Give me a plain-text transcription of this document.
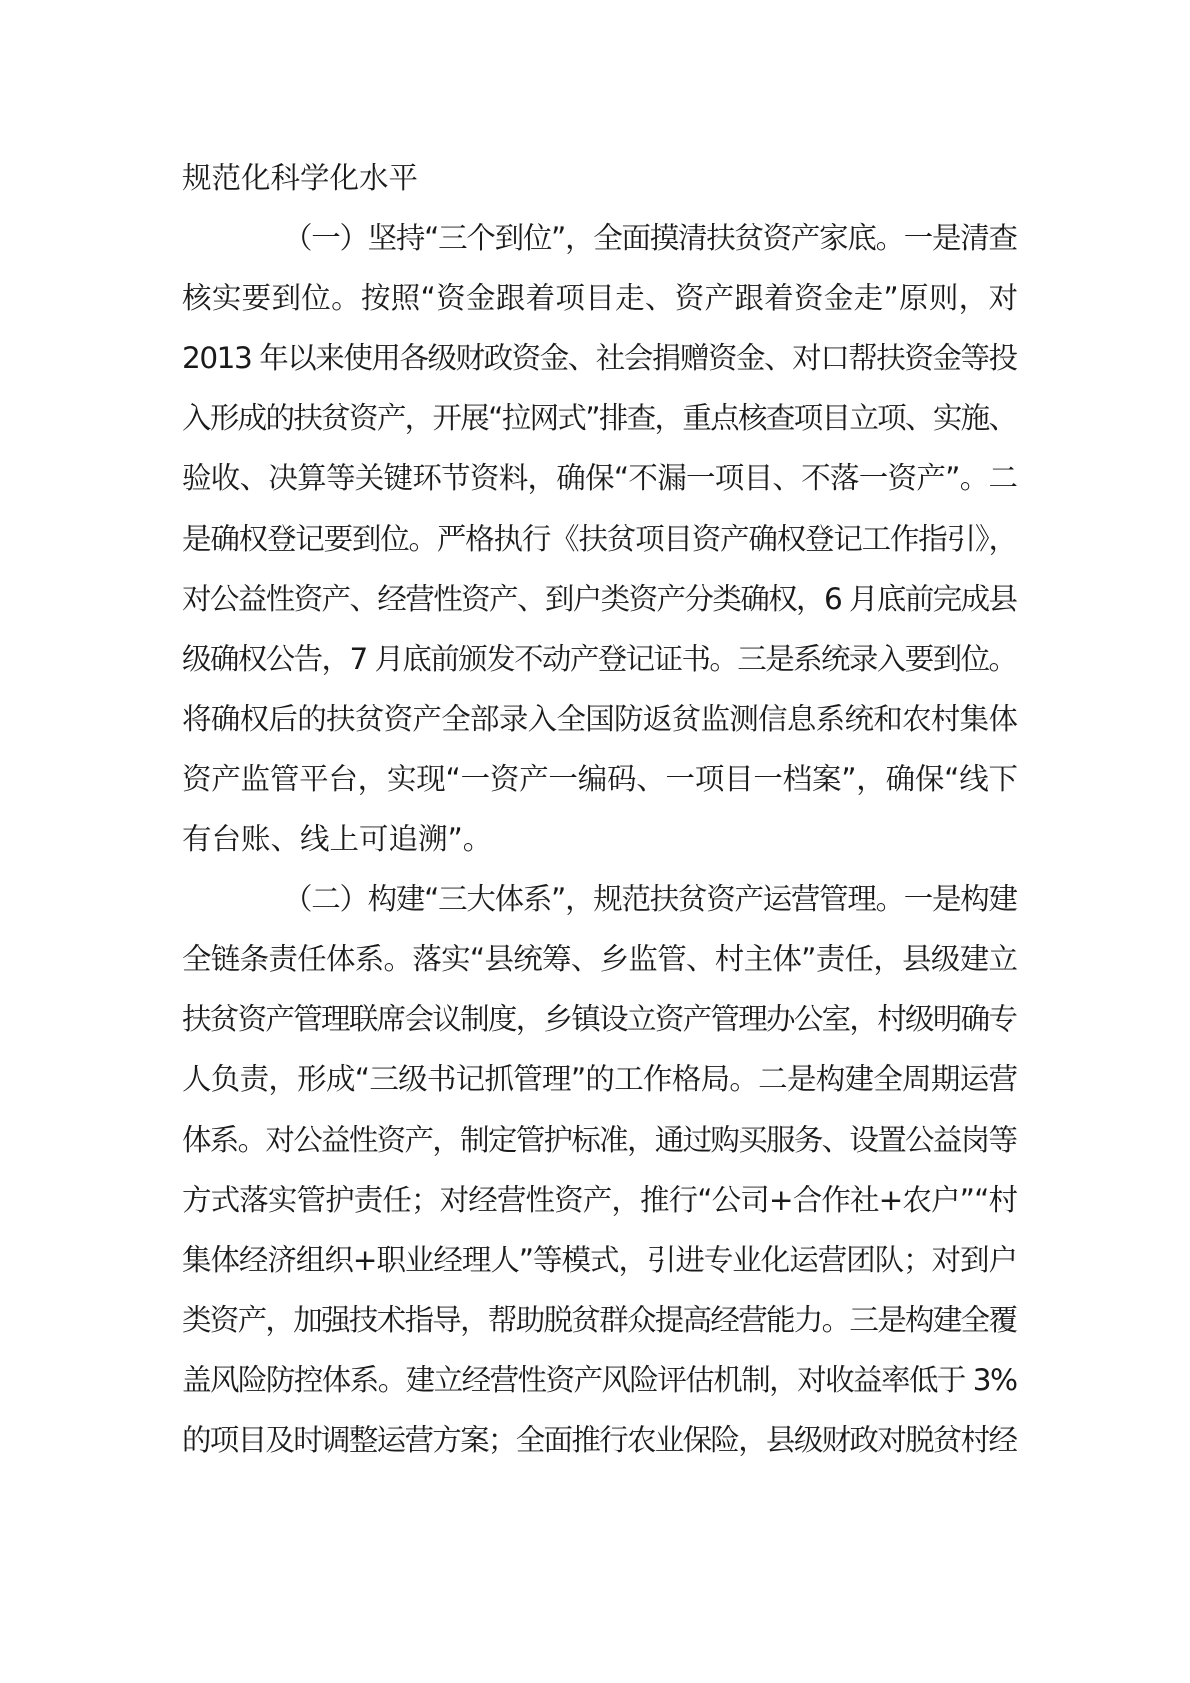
规范化科学化水平
（一）坚持“三个到位”，全面摸清扶贫资产家底。一是清查
核实要到位。按照“资金跟着项目走、资产跟着资金走”原则，对
2013 年以来使用各级财政资金、社会捐赠资金、对口帮扶资金等投
入形成的扶贫资产，开展“拉网式”排查，重点核查项目立项、实施、
验收、决算等关键环节资料，确保“不漏一项目、不落一资产”。二
是确权登记要到位。严格执行《扶贫项目资产确权登记工作指引》，
对公益性资产、经营性资产、到户类资产分类确权，6 月底前完成县
级确权公告，7 月底前颁发不动产登记证书。三是系统录入要到位。
将确权后的扶贫资产全部录入全国防返贫监测信息系统和农村集体
资产监管平台，实现“一资产一编码、一项目一档案”，确保“线下
有台账、线上可追溯”。
（二）构建“三大体系”，规范扶贫资产运营管理。一是构建
全链条责任体系。落实“县统筹、乡监管、村主体”责任，县级建立
扶贫资产管理联席会议制度，乡镇设立资产管理办公室，村级明确专
人负责，形成“三级书记抓管理”的工作格局。二是构建全周期运营
体系。对公益性资产，制定管护标准，通过购买服务、设置公益岗等
方式落实管护责任；对经营性资产，推行“公司+合作社+农户”“村
集体经济组织+职业经理人”等模式，引进专业化运营团队；对到户
类资产，加强技术指导，帮助脱贫群众提高经营能力。三是构建全覆
盖风险防控体系。建立经营性资产风险评估机制，对收益率低于 3%
的项目及时调整运营方案；全面推行农业保险，县级财政对脱贫村经
